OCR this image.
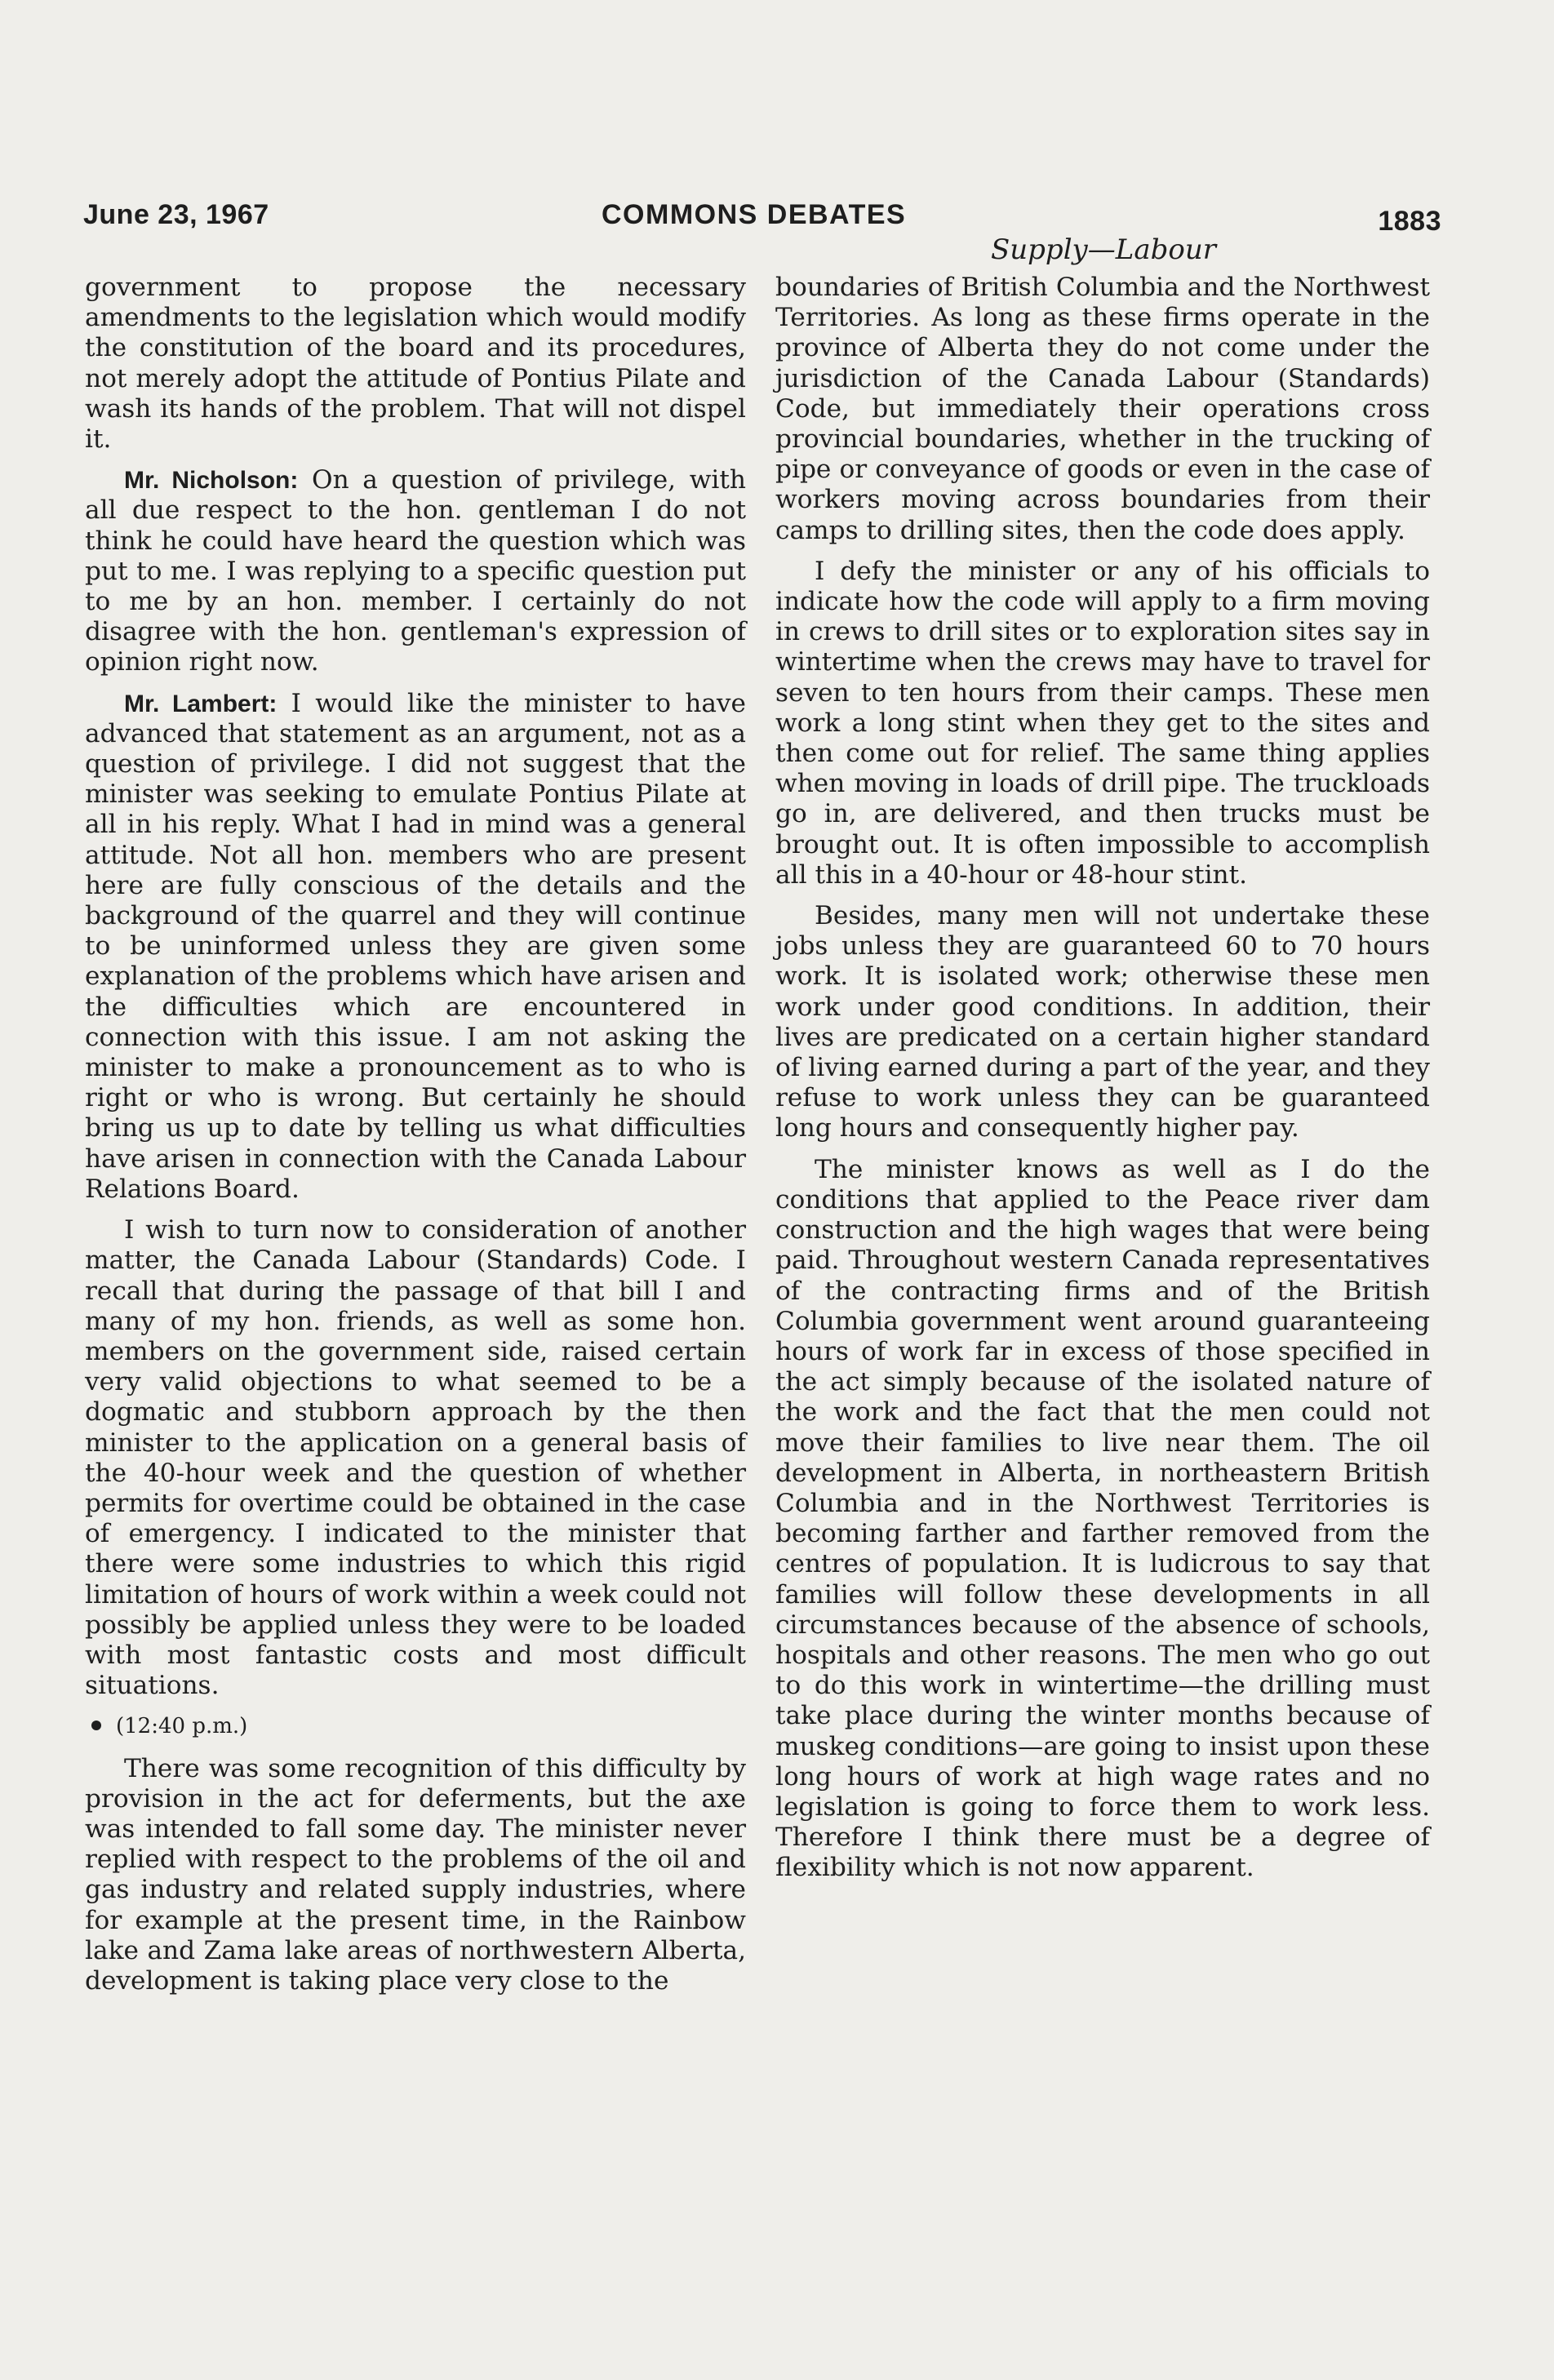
June 23, 1967	COMMONS DEBATES	1883
Supply—Labour

government to propose the necessary amendments to the legislation which would modify the constitution of the board and its procedures, not merely adopt the attitude of Pontius Pilate and wash its hands of the problem. That will not dispel it.

Mr. Nicholson: On a question of privilege, with all due respect to the hon. gentleman I do not think he could have heard the question which was put to me. I was replying to a specific question put to me by an hon. member. I certainly do not disagree with the hon. gentleman's expression of opinion right now.

Mr. Lambert: I would like the minister to have advanced that statement as an argument, not as a question of privilege. I did not suggest that the minister was seeking to emulate Pontius Pilate at all in his reply. What I had in mind was a general attitude. Not all hon. members who are present here are fully conscious of the details and the background of the quarrel and they will continue to be uninformed unless they are given some explanation of the problems which have arisen and the difficulties which are encountered in connection with this issue. I am not asking the minister to make a pronouncement as to who is right or who is wrong. But certainly he should bring us up to date by telling us what difficulties have arisen in connection with the Canada Labour Relations Board.

I wish to turn now to consideration of another matter, the Canada Labour (Standards) Code. I recall that during the passage of that bill I and many of my hon. friends, as well as some hon. members on the government side, raised certain very valid objections to what seemed to be a dogmatic and stubborn approach by the then minister to the application on a general basis of the 40-hour week and the question of whether permits for overtime could be obtained in the case of emergency. I indicated to the minister that there were some industries to which this rigid limitation of hours of work within a week could not possibly be applied unless they were to be loaded with most fantastic costs and most difficult situations.

(12:40 p.m.)

There was some recognition of this difficulty by provision in the act for deferments, but the axe was intended to fall some day. The minister never replied with respect to the problems of the oil and gas industry and related supply industries, where for example at the present time, in the Rainbow lake and Zama lake areas of northwestern Alberta, development is taking place very close to the

boundaries of British Columbia and the Northwest Territories. As long as these firms operate in the province of Alberta they do not come under the jurisdiction of the Canada Labour (Standards) Code, but immediately their operations cross provincial boundaries, whether in the trucking of pipe or conveyance of goods or even in the case of workers moving across boundaries from their camps to drilling sites, then the code does apply.

I defy the minister or any of his officials to indicate how the code will apply to a firm moving in crews to drill sites or to exploration sites say in wintertime when the crews may have to travel for seven to ten hours from their camps. These men work a long stint when they get to the sites and then come out for relief. The same thing applies when moving in loads of drill pipe. The truckloads go in, are delivered, and then trucks must be brought out. It is often impossible to accomplish all this in a 40-hour or 48-hour stint.

Besides, many men will not undertake these jobs unless they are guaranteed 60 to 70 hours work. It is isolated work; otherwise these men work under good conditions. In addition, their lives are predicated on a certain higher standard of living earned during a part of the year, and they refuse to work unless they can be guaranteed long hours and consequently higher pay.

The minister knows as well as I do the conditions that applied to the Peace river dam construction and the high wages that were being paid. Throughout western Canada representatives of the contracting firms and of the British Columbia government went around guaranteeing hours of work far in excess of those specified in the act simply because of the isolated nature of the work and the fact that the men could not move their families to live near them. The oil development in Alberta, in northeastern British Columbia and in the Northwest Territories is becoming farther and farther removed from the centres of population. It is ludicrous to say that families will follow these developments in all circumstances because of the absence of schools, hospitals and other reasons. The men who go out to do this work in wintertime—the drilling must take place during the winter months because of muskeg conditions—are going to insist upon these long hours of work at high wage rates and no legislation is going to force them to work less. Therefore I think there must be a degree of flexibility which is not now apparent.
